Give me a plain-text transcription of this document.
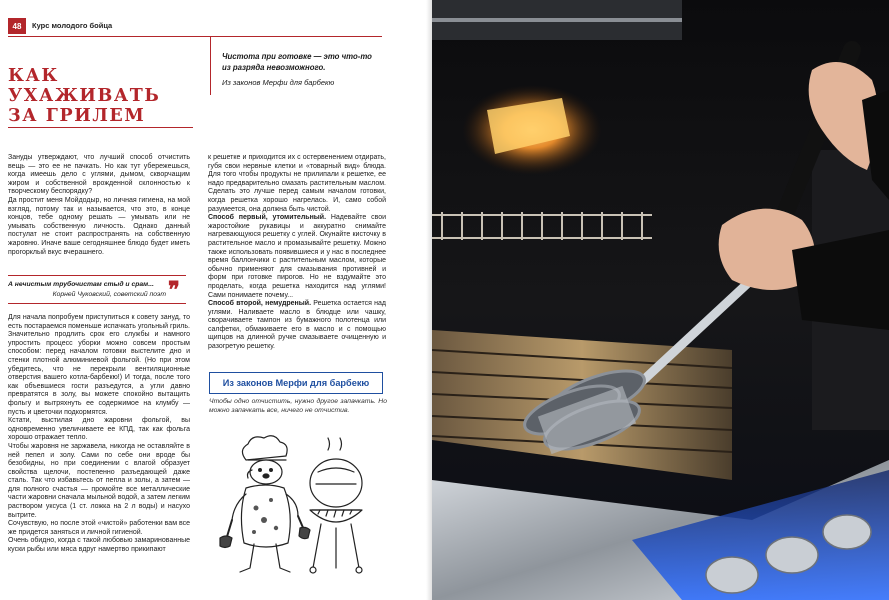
48	Курс молодого бойца
КАК УХАЖИВАТЬ
ЗА ГРИЛЕМ
Чистота при готовке — это что-то из разряда невозможного.
Из законов Мерфи для барбекю

Зануды утверждают, что лучший способ отчистить вещь — это ее не пачкать. Но как тут убережешься, когда имеешь дело с углями, дымом, скворчащим жиром и собственной врожденной склонностью к творческому беспорядку?

Да простит меня Мойдодыр, но личная гигиена, на мой взгляд, потому так и называется, что это, в конце концов, тебе одному решать — умывать или не умывать собственную личность. Однако данный постулат не стоит распространять на собственную жаровню. Иначе ваше сегодняшнее блюдо будет иметь прогорклый вкус вчерашнего.

А нечистым трубочистам стыд и срам...
Корней Чуковский, советский поэт ❞

Для начала попробуем приступиться к совету зануд, то есть постараемся поменьше испачкать угольный гриль. Значительно продлить срок его службы и намного упростить процесс уборки можно совсем простым способом: перед началом готовки выстелите дно и стенки плотной алюминиевой фольгой. (Но при этом убедитесь, что не перекрыли вентиляционные отверстия вашего котла-барбекю!) И тогда, после того как объевшиеся гости разъедутся, а угли давно превратятся в золу, вы можете спокойно вытащить фольгу и вытряхнуть ее содержимое на клумбу — пусть и цветочки подкормятся.

Кстати, выстилая дно жаровни фольгой, вы одновременно увеличиваете ее КПД, так как фольга хорошо отражает тепло.

Чтобы жаровня не заржавела, никогда не оставляйте в ней пепел и золу. Сами по себе они вроде бы безобидны, но при соединении с влагой образует свойства щелочи, постепенно разъедающей даже сталь. Так что избавьтесь от пепла и золы, а затем — для полного счастья — промойте все металлические части жаровни сначала мыльной водой, а затем легким раствором уксуса (1 ст. ложка на 2 л воды) и насухо вытрите.

Сочувствую, но после этой «чистой» работенки вам все же придется заняться и личной гигиеной.

Очень обидно, когда с такой любовью замаринованные куски рыбы или мяса вдруг намертво прикипают

к решетке и приходится их с остервенением отдирать, губя свои нервные клетки и «товарный вид» блюда. Для того чтобы продукты не прилипали к решетке, ее надо предварительно смазать растительным маслом. Сделать это лучше перед самым началом готовки, когда решетка хорошо нагрелась. И, само собой разумеется, она должна быть чистой.

Способ первый, утомительный. Надевайте свои жаростойкие рукавицы и аккуратно снимайте нагревающуюся решетку с углей. Окунайте кисточку в растительное масло и промазывайте решетку. Можно также использовать появившиеся и у нас в последнее время баллончики с растительным маслом, которые обычно применяют для смазывания противней и форм при готовке пирогов. Но не вздумайте это проделать, когда решетка находится над углями! Сами понимаете почему...

Способ второй, немудреный. Решетка остается над углями. Наливаете масло в блюдце или чашку, сворачиваете тампон из бумажного полотенца или салфетки, обмакиваете его в масло и с помощью щипцов на длинной ручке смазываете очищенную и разогретую решетку.

Из законов Мерфи для барбекю
Чтобы одно отчистить, нужно другое запачкать. Но можно запачкать все, ничего не отчистив.
